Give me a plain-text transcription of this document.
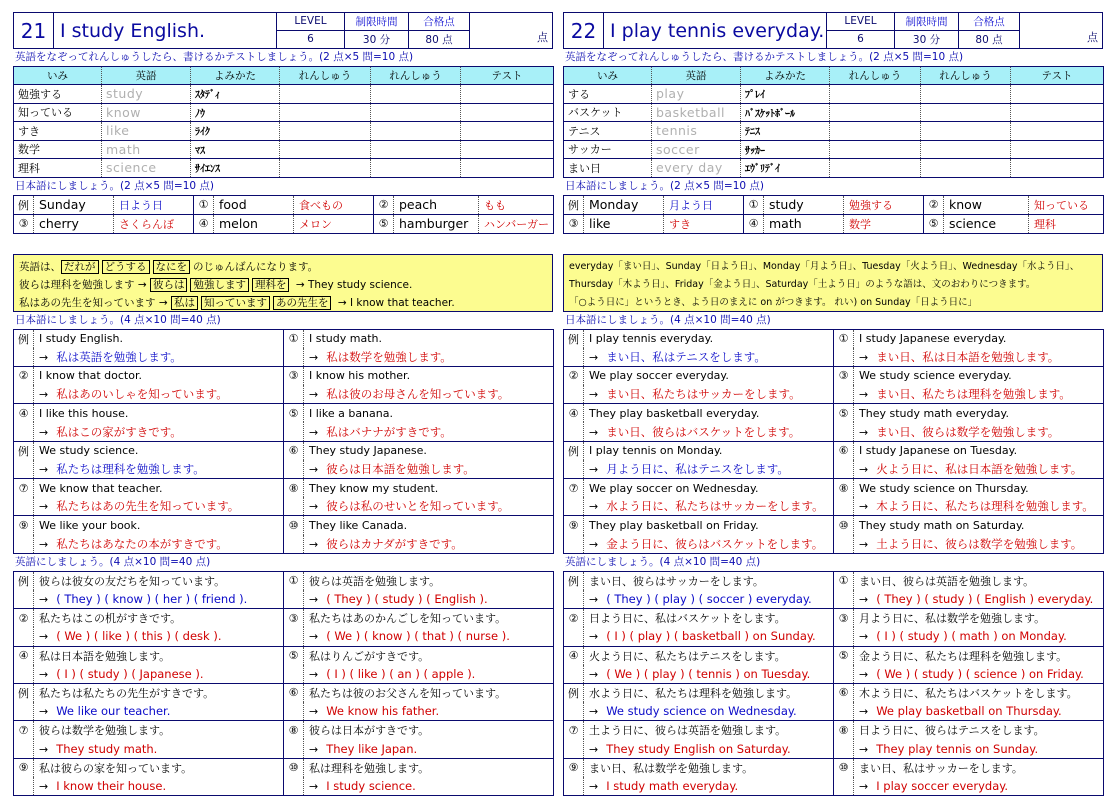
21 I study English.	LEVEL
6
制限時間
30 分
合格点
80 点	点
英語をなぞってれんしゅうしたら、書けるかテストしましょう。(2 点×5 問=10 点)
いみ	英語	よみかた	れんしゅう	れんしゅう	テスト
勉強する	study	ｽﾀﾃﾞｨ			
知っている	know	ﾉｳ			
すき	like	ﾗｲｸ			
数学	math	ﾏｽ			
理科	science	ｻｲｴﾝｽ			
日本語にしましょう。(2 点×5 問=10 点)
例	Sunday	日よう日	①	food	食べもの	②	peach	もも
③	cherry	さくらんぼ	④	melon	メロン	⑤	hamburger	ハンバーガー
英語は、 だれが どうする なにを のじゅんばんになります。
彼らは理科を勉強します → 彼らは 勉強します 理科を → They study science.
私はあの先生を知っています → 私は 知っています あの先生を → I know that teacher.
日本語にしましょう。(4 点×10 問=40 点)
例	I study English.	①	I study math.
	→ 私は英語を勉強します。		→ 私は数学を勉強します。
②	I know that doctor.	③	I know his mother.
	→ 私はあのいしゃを知っています。		→ 私は彼のお母さんを知っています。
④	I like this house.	⑤	I like a banana.
	→ 私はこの家がすきです。		→ 私はバナナがすきです。
例	We study science.	⑥	They study Japanese.
	→ 私たちは理科を勉強します。		→ 彼らは日本語を勉強します。
⑦	We know that teacher.	⑧	They know my student.
	→ 私たちはあの先生を知っています。		→ 彼らは私のせいとを知っています。
⑨	We like your book.	⑩	They like Canada.
	→ 私たちはあなたの本がすきです。		→ 彼らはカナダがすきです。
英語にしましょう。(4 点×10 問=40 点)
例	彼らは彼女の友だちを知っています。	①	彼らは英語を勉強します。
	→ ( They ) ( know ) ( her ) ( friend ).		→ ( They ) ( study ) ( English ).
②	私たちはこの机がすきです。	③	私たちはあのかんごしを知っています。
	→ ( We ) ( like ) ( this ) ( desk ).		→ ( We ) ( know ) ( that ) ( nurse ).
④	私は日本語を勉強します。	⑤	私はりんごがすきです。
	→ ( I ) ( study ) ( Japanese ).		→ ( I ) ( like ) ( an ) ( apple ).
例	私たちは私たちの先生がすきです。	⑥	私たちは彼のお父さんを知っています。
	→ We like our teacher.		→ We know his father.
⑦	彼らは数学を勉強します。	⑧	彼らは日本がすきです。
	→ They study math.		→ They like Japan.
⑨	私は彼らの家を知っています。	⑩	私は理科を勉強します。
	→ I know their house.		→ I study science.
22 I play tennis everyday.	LEVEL
6
制限時間
30 分
合格点
80 点	点
英語をなぞってれんしゅうしたら、書けるかテストしましょう。(2 点×5 問=10 点)
いみ	英語	よみかた	れんしゅう	れんしゅう	テスト
する	play	ﾌﾟﾚｲ			
バスケット	basketball	ﾊﾞｽｹｯﾄﾎﾞｰﾙ			
テニス	tennis	ﾃﾆｽ			
サッカー	soccer	ｻｯｶｰ			
まい日	every day	ｴｳﾞﾘﾃﾞｲ			
日本語にしましょう。(2 点×5 問=10 点)
例	Monday	月よう日	①	study	勉強する	②	know	知っている
③	like	すき	④	math	数学	⑤	science	理科
everyday「まい日」、Sunday「日よう日」、Monday「月よう日」、Tuesday「火よう日」、Wednesday「水よう日」、
Thursday「木よう日」、Friday「金よう日」、Saturday「土よう日」のような語は、文のおわりにつきます。
「○よう日に」というとき、よう日のまえに on がつきます。 れい) on Sunday「日よう日に」
日本語にしましょう。(4 点×10 問=40 点)
例	I play tennis everyday.	①	I study Japanese everyday.
	→ まい日、私はテニスをします。		→ まい日、私は日本語を勉強します。
②	We play soccer everyday.	③	We study science everyday.
	→ まい日、私たちはサッカーをします。		→ まい日、私たちは理科を勉強します。
④	They play basketball everyday.	⑤	They study math everyday.
	→ まい日、彼らはバスケットをします。		→ まい日、彼らは数学を勉強します。
例	I play tennis on Monday.	⑥	I study Japanese on Tuesday.
	→ 月よう日に、私はテニスをします。		→ 火よう日に、私は日本語を勉強します。
⑦	We play soccer on Wednesday.	⑧	We study science on Thursday.
	→ 水よう日に、私たちはサッカーをします。		→ 木よう日に、私たちは理科を勉強します。
⑨	They play basketball on Friday.	⑩	They study math on Saturday.
	→ 金よう日に、彼らはバスケットをします。		→ 土よう日に、彼らは数学を勉強します。
英語にしましょう。(4 点×10 問=40 点)
例	まい日、彼らはサッカーをします。	①	まい日、彼らは英語を勉強します。
	→ ( They ) ( play ) ( soccer ) everyday.		→ ( They ) ( study ) ( English ) everyday.
②	日よう日に、私はバスケットをします。	③	月よう日に、私は数学を勉強します。
	→ ( I ) ( play ) ( basketball ) on Sunday.		→ ( I ) ( study ) ( math ) on Monday.
④	火よう日に、私たちはテニスをします。	⑤	金よう日に、私たちは理科を勉強します。
	→ ( We ) ( play ) ( tennis ) on Tuesday.		→ ( We ) ( study ) ( science ) on Friday.
例	水よう日に、私たちは理科を勉強します。	⑥	木よう日に、私たちはバスケットをします。
	→ We study science on Wednesday.		→ We play basketball on Thursday.
⑦	土よう日に、彼らは英語を勉強します。	⑧	日よう日に、彼らはテニスをします。
	→ They study English on Saturday.		→ They play tennis on Sunday.
⑨	まい日、私は数学を勉強します。	⑩	まい日、私はサッカーをします。
	→ I study math everyday.		→ I play soccer everyday.
